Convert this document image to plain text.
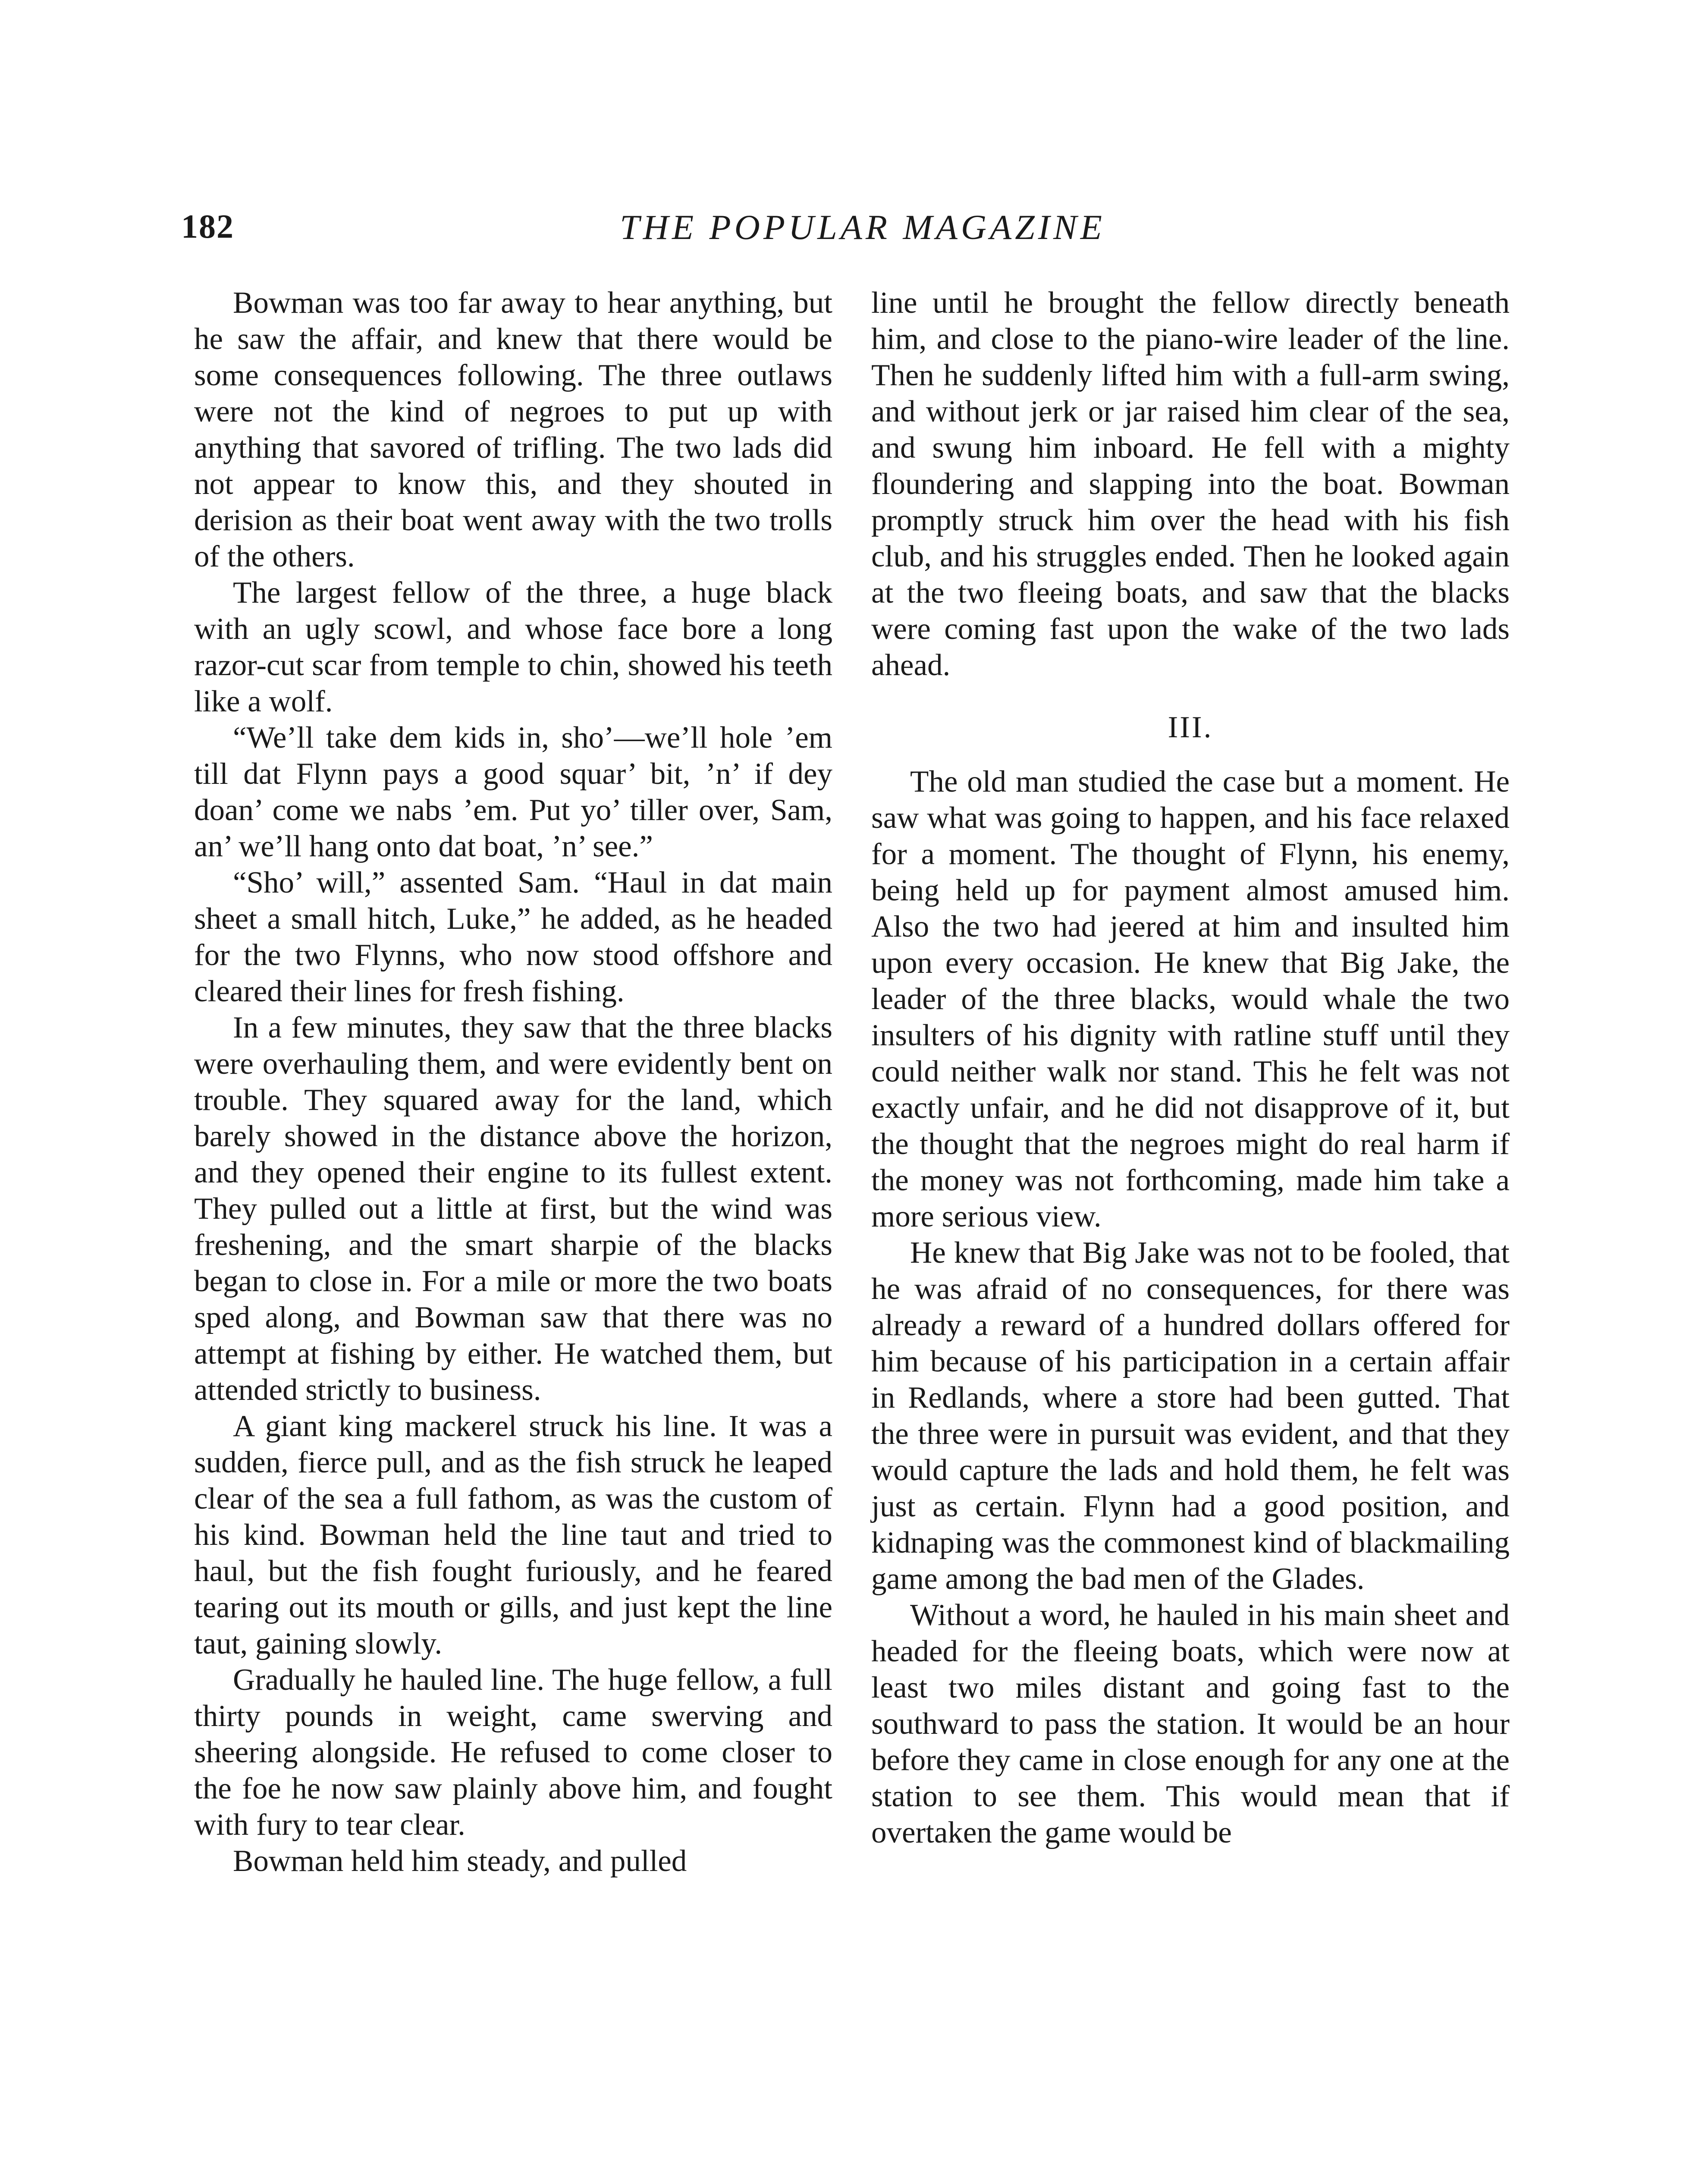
182	THE POPULAR MAGAZINE

Bowman was too far away to hear anything, but he saw the affair, and knew that there would be some consequences following. The three outlaws were not the kind of negroes to put up with anything that savored of trifling. The two lads did not appear to know this, and they shouted in derision as their boat went away with the two trolls of the others.

The largest fellow of the three, a huge black with an ugly scowl, and whose face bore a long razor-cut scar from temple to chin, showed his teeth like a wolf.

“We’ll take dem kids in, sho’—we’ll hole ’em till dat Flynn pays a good squar’ bit, ’n’ if dey doan’ come we nabs ’em. Put yo’ tiller over, Sam, an’ we’ll hang onto dat boat, ’n’ see.”

“Sho’ will,” assented Sam. “Haul in dat main sheet a small hitch, Luke,” he added, as he headed for the two Flynns, who now stood offshore and cleared their lines for fresh fishing.

In a few minutes, they saw that the three blacks were overhauling them, and were evidently bent on trouble. They squared away for the land, which barely showed in the distance above the horizon, and they opened their engine to its fullest extent. They pulled out a little at first, but the wind was freshening, and the smart sharpie of the blacks began to close in. For a mile or more the two boats sped along, and Bowman saw that there was no attempt at fishing by either. He watched them, but attended strictly to business.

A giant king mackerel struck his line. It was a sudden, fierce pull, and as the fish struck he leaped clear of the sea a full fathom, as was the custom of his kind. Bowman held the line taut and tried to haul, but the fish fought furiously, and he feared tearing out its mouth or gills, and just kept the line taut, gaining slowly.

Gradually he hauled line. The huge fellow, a full thirty pounds in weight, came swerving and sheering alongside. He refused to come closer to the foe he now saw plainly above him, and fought with fury to tear clear.

Bowman held him steady, and pulled

line until he brought the fellow directly beneath him, and close to the piano-wire leader of the line. Then he suddenly lifted him with a full-arm swing, and without jerk or jar raised him clear of the sea, and swung him inboard. He fell with a mighty floundering and slapping into the boat. Bowman promptly struck him over the head with his fish club, and his struggles ended. Then he looked again at the two fleeing boats, and saw that the blacks were coming fast upon the wake of the two lads ahead.

III.

The old man studied the case but a moment. He saw what was going to happen, and his face relaxed for a moment. The thought of Flynn, his enemy, being held up for payment almost amused him. Also the two had jeered at him and insulted him upon every occasion. He knew that Big Jake, the leader of the three blacks, would whale the two insulters of his dignity with ratline stuff until they could neither walk nor stand. This he felt was not exactly unfair, and he did not disapprove of it, but the thought that the negroes might do real harm if the money was not forthcoming, made him take a more serious view.

He knew that Big Jake was not to be fooled, that he was afraid of no consequences, for there was already a reward of a hundred dollars offered for him because of his participation in a certain affair in Redlands, where a store had been gutted. That the three were in pursuit was evident, and that they would capture the lads and hold them, he felt was just as certain. Flynn had a good position, and kidnaping was the commonest kind of blackmailing game among the bad men of the Glades.

Without a word, he hauled in his main sheet and headed for the fleeing boats, which were now at least two miles distant and going fast to the southward to pass the station. It would be an hour before they came in close enough for any one at the station to see them. This would mean that if overtaken the game would be
